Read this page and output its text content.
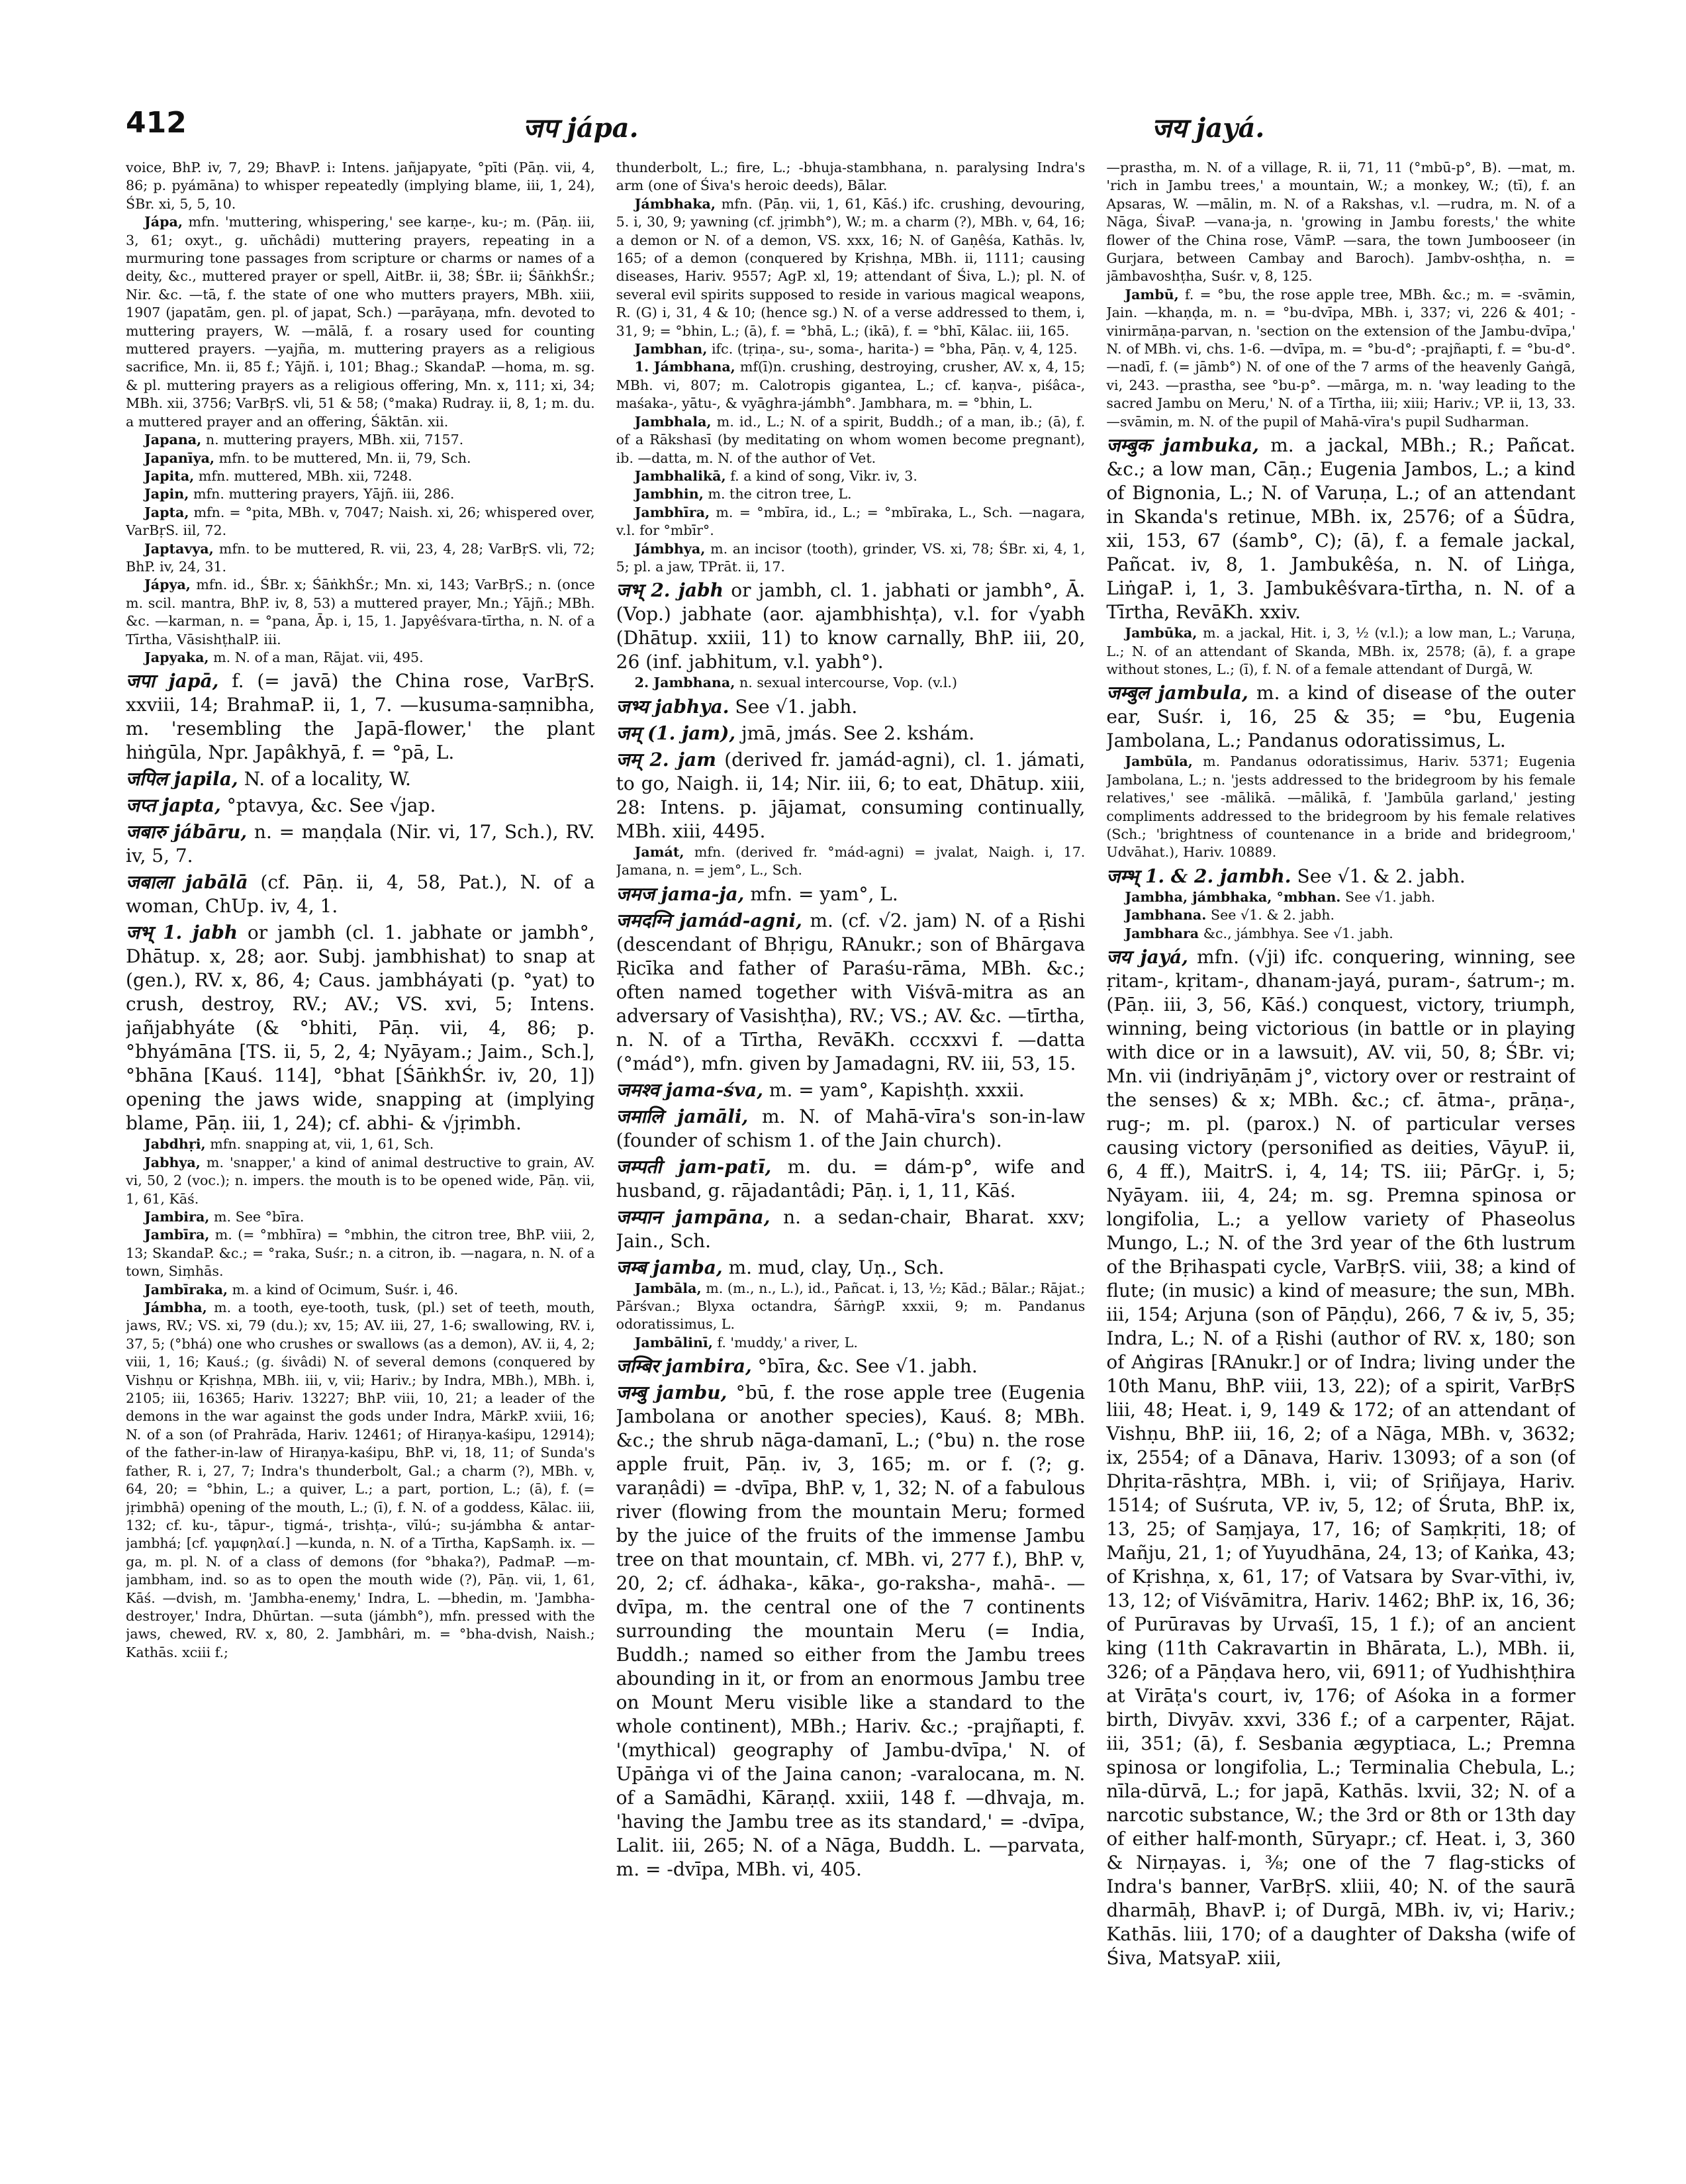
412	जप jápa.	जय jayá.

voice, BhP. iv, 7, 29; BhavP. i: Intens. jañjapyate, °pīti (Pāṇ. vii, 4, 86; p. pyámāna) to whisper repeatedly (implying blame, iii, 1, 24), ŚBr. xi, 5, 5, 10.

Jápa, mfn. 'muttering, whispering,' see karṇe-, ku-; m. (Pāṇ. iii, 3, 61; oxyt., g. uñchâdi) muttering prayers, repeating in a murmuring tone passages from scripture or charms or names of a deity, &c., muttered prayer or spell, AitBr. ii, 38; ŚBr. ii; ŚāṅkhŚr.; Nir. &c. —tā, f. the state of one who mutters prayers, MBh. xiii, 1907 (japatām, gen. pl. of japat, Sch.) —parāyaṇa, mfn. devoted to muttering prayers, W. —mālā, f. a rosary used for counting muttered prayers. —yajña, m. muttering prayers as a religious sacrifice, Mn. ii, 85 f.; Yājñ. i, 101; Bhag.; SkandaP. —homa, m. sg. & pl. muttering prayers as a religious offering, Mn. x, 111; xi, 34; MBh. xii, 3756; VarBṛS. vli, 51 & 58; (°maka) Rudray. ii, 8, 1; m. du. a muttered prayer and an offering, Śāktān. xii.

Japana, n. muttering prayers, MBh. xii, 7157.

Japanīya, mfn. to be muttered, Mn. ii, 79, Sch.

Japita, mfn. muttered, MBh. xii, 7248.

Japin, mfn. muttering prayers, Yājñ. iii, 286.

Japta, mfn. = °pita, MBh. v, 7047; Naish. xi, 26; whispered over, VarBṛS. iil, 72.

Japtavya, mfn. to be muttered, R. vii, 23, 4, 28; VarBṛS. vli, 72; BhP. iv, 24, 31.

Jápya, mfn. id., ŚBr. x; ŚāṅkhŚr.; Mn. xi, 143; VarBṛS.; n. (once m. scil. mantra, BhP. iv, 8, 53) a muttered prayer, Mn.; Yājñ.; MBh. &c. —karman, n. = °pana, Āp. i, 15, 1. Japyêśvara-tīrtha, n. N. of a Tīrtha, VāsishṭhalP. iii.

Japyaka, m. N. of a man, Rājat. vii, 495.

जपा japā, f. (= javā) the China rose, VarBṛS. xxviii, 14; BrahmaP. ii, 1, 7. —kusuma-saṃnibha, m. 'resembling the Japā-flower,' the plant hiṅgūla, Npr. Japâkhyā, f. = °pā, L.

जपिल japila, N. of a locality, W.

जप्त japta, °ptavya, &c. See √jap.

जबारु jábāru, n. = maṇḍala (Nir. vi, 17, Sch.), RV. iv, 5, 7.

जबाला jabālā (cf. Pāṇ. ii, 4, 58, Pat.), N. of a woman, ChUp. iv, 4, 1.

जभ् 1. jabh or jambh (cl. 1. jabhate or jambh°, Dhātup. x, 28; aor. Subj. jambhishat) to snap at (gen.), RV. x, 86, 4; Caus. jambháyati (p. °yat) to crush, destroy, RV.; AV.; VS. xvi, 5; Intens. jañjabhyáte (& °bhiti, Pāṇ. vii, 4, 86; p. °bhyámāna [TS. ii, 5, 2, 4; Nyāyam.; Jaim., Sch.], °bhāna [Kauś. 114], °bhat [ŚāṅkhŚr. iv, 20, 1]) opening the jaws wide, snapping at (implying blame, Pāṇ. iii, 1, 24); cf. abhi- & √jṛimbh.

Jabdhṛi, mfn. snapping at, vii, 1, 61, Sch.

Jabhya, m. 'snapper,' a kind of animal destructive to grain, AV. vi, 50, 2 (voc.); n. impers. the mouth is to be opened wide, Pāṇ. vii, 1, 61, Kāś.

Jambira, m. See °bīra.

Jambīra, m. (= °mbhīra) = °mbhin, the citron tree, BhP. viii, 2, 13; SkandaP. &c.; = °raka, Suśr.; n. a citron, ib. —nagara, n. N. of a town, Siṃhās.

Jambīraka, m. a kind of Ocimum, Suśr. i, 46.

Jámbha, m. a tooth, eye-tooth, tusk, (pl.) set of teeth, mouth, jaws, RV.; VS. xi, 79 (du.); xv, 15; AV. iii, 27, 1-6; swallowing, RV. i, 37, 5; (°bhá) one who crushes or swallows (as a demon), AV. ii, 4, 2; viii, 1, 16; Kauś.; (g. śivâdi) N. of several demons (conquered by Vishṇu or Kṛishṇa, MBh. iii, v, vii; Hariv.; by Indra, MBh.), MBh. i, 2105; iii, 16365; Hariv. 13227; BhP. viii, 10, 21; a leader of the demons in the war against the gods under Indra, MārkP. xviii, 16; N. of a son (of Prahrāda, Hariv. 12461; of Hiraṇya-kaśipu, 12914); of the father-in-law of Hiraṇya-kaśipu, BhP. vi, 18, 11; of Sunda's father, R. i, 27, 7; Indra's thunderbolt, Gal.; a charm (?), MBh. v, 64, 20; = °bhin, L.; a quiver, L.; a part, portion, L.; (ā), f. (= jṛimbhā) opening of the mouth, L.; (ī), f. N. of a goddess, Kālac. iii, 132; cf. ku-, tāpur-, tigmá-, trishṭa-, vīlú-; su-jámbha & antar-jambhá; [cf. γαμφηλαί.] —kunda, n. N. of a Tīrtha, KapSaṃh. ix. —ga, m. pl. N. of a class of demons (for °bhaka?), PadmaP. —m-jambham, ind. so as to open the mouth wide (?), Pāṇ. vii, 1, 61, Kāś. —dvish, m. 'Jambha-enemy,' Indra, L. —bhedin, m. 'Jambha-destroyer,' Indra, Dhūrtan. —suta (jámbh°), mfn. pressed with the jaws, chewed, RV. x, 80, 2. Jambhâri, m. = °bha-dvish, Naish.; Kathās. xciii f.;

thunderbolt, L.; fire, L.; -bhuja-stambhana, n. paralysing Indra's arm (one of Śiva's heroic deeds), Bālar.

Jámbhaka, mfn. (Pāṇ. vii, 1, 61, Kāś.) ifc. crushing, devouring, 5. i, 30, 9; yawning (cf. jṛimbh°), W.; m. a charm (?), MBh. v, 64, 16; a demon or N. of a demon, VS. xxx, 16; N. of Gaṇêśa, Kathās. lv, 165; of a demon (conquered by Kṛishṇa, MBh. ii, 1111; causing diseases, Hariv. 9557; AgP. xl, 19; attendant of Śiva, L.); pl. N. of several evil spirits supposed to reside in various magical weapons, R. (G) i, 31, 4 & 10; (hence sg.) N. of a verse addressed to them, i, 31, 9; = °bhin, L.; (ā), f. = °bhā, L.; (ikā), f. = °bhī, Kālac. iii, 165.

Jambhan, ifc. (tṛiṇa-, su-, soma-, harita-) = °bha, Pāṇ. v, 4, 125.

1. Jámbhana, mf(ī)n. crushing, destroying, crusher, AV. x, 4, 15; MBh. vi, 807; m. Calotropis gigantea, L.; cf. kaṇva-, piśâca-, maśaka-, yātu-, & vyāghra-jámbh°. Jambhara, m. = °bhin, L.

Jambhala, m. id., L.; N. of a spirit, Buddh.; of a man, ib.; (ā), f. of a Rākshasī (by meditating on whom women become pregnant), ib. —datta, m. N. of the author of Vet.

Jambhalikā, f. a kind of song, Vikr. iv, 3.

Jambhin, m. the citron tree, L.

Jambhīra, m. = °mbīra, id., L.; = °mbīraka, L., Sch. —nagara, v.l. for °mbīr°.

Jámbhya, m. an incisor (tooth), grinder, VS. xi, 78; ŚBr. xi, 4, 1, 5; pl. a jaw, TPrāt. ii, 17.

जभ् 2. jabh or jambh, cl. 1. jabhati or jambh°, Ā. (Vop.) jabhate (aor. ajambhishṭa), v.l. for √yabh (Dhātup. xxiii, 11) to know carnally, BhP. iii, 20, 26 (inf. jabhitum, v.l. yabh°).

2. Jambhana, n. sexual intercourse, Vop. (v.l.)

जभ्य jabhya. See √1. jabh.

जम् (1. jam), jmā, jmás. See 2. kshám.

जम् 2. jam (derived fr. jamád-agni), cl. 1. jámati, to go, Naigh. ii, 14; Nir. iii, 6; to eat, Dhātup. xiii, 28: Intens. p. jājamat, consuming continually, MBh. xiii, 4495.

Jamát, mfn. (derived fr. °mád-agni) = jvalat, Naigh. i, 17. Jamana, n. = jem°, L., Sch.

जमज jama-ja, mfn. = yam°, L.

जमदग्नि jamád-agni, m. (cf. √2. jam) N. of a Ṛishi (descendant of Bhṛigu, RAnukr.; son of Bhārgava Ṛicīka and father of Paraśu-rāma, MBh. &c.; often named together with Viśvā-mitra as an adversary of Vasishṭha), RV.; VS.; AV. &c. —tīrtha, n. N. of a Tīrtha, RevāKh. cccxxvi f. —datta (°mád°), mfn. given by Jamadagni, RV. iii, 53, 15.

जमश्व jama-śva, m. = yam°, Kapishṭh. xxxii.

जमालि jamāli, m. N. of Mahā-vīra's son-in-law (founder of schism 1. of the Jain church).

जम्पती jam-patī, m. du. = dám-p°, wife and husband, g. rājadantâdi; Pāṇ. i, 1, 11, Kāś.

जम्पान jampāna, n. a sedan-chair, Bharat. xxv; Jain., Sch.

जम्ब jamba, m. mud, clay, Uṇ., Sch.

Jambāla, m. (m., n., L.), id., Pañcat. i, 13, ½; Kād.; Bālar.; Rājat.; Pārśvan.; Blyxa octandra, ŚārṅgP. xxxii, 9; m. Pandanus odoratissimus, L.

Jambālinī, f. 'muddy,' a river, L.

जम्बिर jambira, °bīra, &c. See √1. jabh.

जम्बु jambu, °bū, f. the rose apple tree (Eugenia Jambolana or another species), Kauś. 8; MBh. &c.; the shrub nāga-damanī, L.; (°bu) n. the rose apple fruit, Pāṇ. iv, 3, 165; m. or f. (?; g. varaṇâdi) = -dvīpa, BhP. v, 1, 32; N. of a fabulous river (flowing from the mountain Meru; formed by the juice of the fruits of the immense Jambu tree on that mountain, cf. MBh. vi, 277 f.), BhP. v, 20, 2; cf. ádhaka-, kāka-, go-raksha-, mahā-. —dvīpa, m. the central one of the 7 continents surrounding the mountain Meru (= India, Buddh.; named so either from the Jambu trees abounding in it, or from an enormous Jambu tree on Mount Meru visible like a standard to the whole continent), MBh.; Hariv. &c.; -prajñapti, f. '(mythical) geography of Jambu-dvīpa,' N. of Upāṅga vi of the Jaina canon; -varalocana, m. N. of a Samādhi, Kāraṇḍ. xxiii, 148 f. —dhvaja, m. 'having the Jambu tree as its standard,' = -dvīpa, Lalit. iii, 265; N. of a Nāga, Buddh. L. —parvata, m. = -dvīpa, MBh. vi, 405.

—prastha, m. N. of a village, R. ii, 71, 11 (°mbū-p°, B). —mat, m. 'rich in Jambu trees,' a mountain, W.; a monkey, W.; (tī), f. an Apsaras, W. —mālin, m. N. of a Rakshas, v.l. —rudra, m. N. of a Nāga, ŚivaP. —vana-ja, n. 'growing in Jambu forests,' the white flower of the China rose, VāmP. —sara, the town Jumbooseer (in Gurjara, between Cambay and Baroch). Jambv-oshṭha, n. = jāmbavoshṭha, Suśr. v, 8, 125.

Jambū, f. = °bu, the rose apple tree, MBh. &c.; m. = -svāmin, Jain. —khaṇḍa, m. n. = °bu-dvīpa, MBh. i, 337; vi, 226 & 401; -vinirmāṇa-parvan, n. 'section on the extension of the Jambu-dvīpa,' N. of MBh. vi, chs. 1-6. —dvīpa, m. = °bu-d°; -prajñapti, f. = °bu-d°. —nadī, f. (= jāmb°) N. of one of the 7 arms of the heavenly Gaṅgā, vi, 243. —prastha, see °bu-p°. —mārga, m. n. 'way leading to the sacred Jambu on Meru,' N. of a Tīrtha, iii; xiii; Hariv.; VP. ii, 13, 33. —svāmin, m. N. of the pupil of Mahā-vīra's pupil Sudharman.

जम्बुक jambuka, m. a jackal, MBh.; R.; Pañcat. &c.; a low man, Cāṇ.; Eugenia Jambos, L.; a kind of Bignonia, L.; N. of Varuṇa, L.; of an attendant in Skanda's retinue, MBh. ix, 2576; of a Śūdra, xii, 153, 67 (śamb°, C); (ā), f. a female jackal, Pañcat. iv, 8, 1. Jambukêśa, n. N. of Liṅga, LiṅgaP. i, 1, 3. Jambukêśvara-tīrtha, n. N. of a Tīrtha, RevāKh. xxiv.

Jambūka, m. a jackal, Hit. i, 3, ½ (v.l.); a low man, L.; Varuṇa, L.; N. of an attendant of Skanda, MBh. ix, 2578; (ā), f. a grape without stones, L.; (ī), f. N. of a female attendant of Durgā, W.

जम्बुल jambula, m. a kind of disease of the outer ear, Suśr. i, 16, 25 & 35; = °bu, Eugenia Jambolana, L.; Pandanus odoratissimus, L.

Jambūla, m. Pandanus odoratissimus, Hariv. 5371; Eugenia Jambolana, L.; n. 'jests addressed to the bridegroom by his female relatives,' see -mālikā. —mālikā, f. 'Jambūla garland,' jesting compliments addressed to the bridegroom by his female relatives (Sch.; 'brightness of countenance in a bride and bridegroom,' Udvāhat.), Hariv. 10889.

जम्भ् 1. & 2. jambh. See √1. & 2. jabh.

Jambha, jámbhaka, °mbhan. See √1. jabh.

Jambhana. See √1. & 2. jabh.

Jambhara &c., jámbhya. See √1. jabh.

जय jayá, mfn. (√ji) ifc. conquering, winning, see ṛitam-, kṛitam-, dhanam-jayá, puram-, śatrum-; m. (Pāṇ. iii, 3, 56, Kāś.) conquest, victory, triumph, winning, being victorious (in battle or in playing with dice or in a lawsuit), AV. vii, 50, 8; ŚBr. vi; Mn. vii (indriyāṇām j°, victory over or restraint of the senses) & x; MBh. &c.; cf. ātma-, prāṇa-, rug-; m. pl. (parox.) N. of particular verses causing victory (personified as deities, VāyuP. ii, 6, 4 ff.), MaitrS. i, 4, 14; TS. iii; PārGṛ. i, 5; Nyāyam. iii, 4, 24; m. sg. Premna spinosa or longifolia, L.; a yellow variety of Phaseolus Mungo, L.; N. of the 3rd year of the 6th lustrum of the Bṛihaspati cycle, VarBṛS. viii, 38; a kind of flute; (in music) a kind of measure; the sun, MBh. iii, 154; Arjuna (son of Pāṇḍu), 266, 7 & iv, 5, 35; Indra, L.; N. of a Ṛishi (author of RV. x, 180; son of Aṅgiras [RAnukr.] or of Indra; living under the 10th Manu, BhP. viii, 13, 22); of a spirit, VarBṛS liii, 48; Heat. i, 9, 149 & 172; of an attendant of Vishṇu, BhP. iii, 16, 2; of a Nāga, MBh. v, 3632; ix, 2554; of a Dānava, Hariv. 13093; of a son (of Dhṛita-rāshṭra, MBh. i, vii; of Sṛiñjaya, Hariv. 1514; of Suśruta, VP. iv, 5, 12; of Śruta, BhP. ix, 13, 25; of Saṃjaya, 17, 16; of Saṃkṛiti, 18; of Mañju, 21, 1; of Yuyudhāna, 24, 13; of Kaṅka, 43; of Kṛishṇa, x, 61, 17; of Vatsara by Svar-vīthi, iv, 13, 12; of Viśvāmitra, Hariv. 1462; BhP. ix, 16, 36; of Purūravas by Urvaśī, 15, 1 f.); of an ancient king (11th Cakravartin in Bhārata, L.), MBh. ii, 326; of a Pāṇḍava hero, vii, 6911; of Yudhishṭhira at Virāṭa's court, iv, 176; of Aśoka in a former birth, Divyāv. xxvi, 336 f.; of a carpenter, Rājat. iii, 351; (ā), f. Sesbania ægyptiaca, L.; Premna spinosa or longifolia, L.; Terminalia Chebula, L.; nīla-dūrvā, L.; for japā, Kathās. lxvii, 32; N. of a narcotic substance, W.; the 3rd or 8th or 13th day of either half-month, Sūryapr.; cf. Heat. i, 3, 360 & Nirṇayas. i, ⅜; one of the 7 flag-sticks of Indra's banner, VarBṛS. xliii, 40; N. of the saurā dharmāḥ, BhavP. i; of Durgā, MBh. iv, vi; Hariv.; Kathās. liii, 170; of a daughter of Daksha (wife of Śiva, MatsyaP. xiii,
